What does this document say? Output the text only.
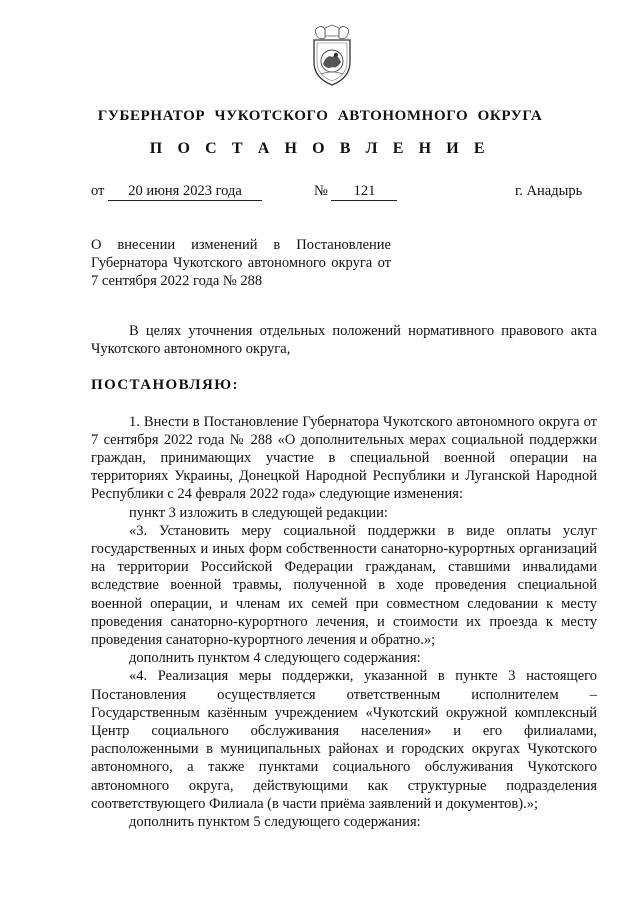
ГУБЕРНАТОР ЧУКОТСКОГО АВТОНОМНОГО ОКРУГА
П О С Т А Н О В Л Е Н И Е
от 20 июня 2023 года	№ 121	г. Анадырь
О внесении изменений в Постановление Губернатора Чукотского автономного округа от 7 сентября 2022 года № 288

В целях уточнения отдельных положений нормативного правового акта Чукотского автономного округа,

ПОСТАНОВЛЯЮ:

1. Внести в Постановление Губернатора Чукотского автономного округа от 7 сентября 2022 года № 288 «О дополнительных мерах социальной поддержки граждан, принимающих участие в специальной военной операции на территориях Украины, Донецкой Народной Республики и Луганской Народной Республики с 24 февраля 2022 года» следующие изменения:

пункт 3 изложить в следующей редакции:

«3. Установить меру социальной поддержки в виде оплаты услуг государственных и иных форм собственности санаторно-курортных организаций на территории Российской Федерации гражданам, ставшими инвалидами вследствие военной травмы, полученной в ходе проведения специальной военной операции, и членам их семей при совместном следовании к месту проведения санаторно-курортного лечения, и стоимости их проезда к месту проведения санаторно-курортного лечения и обратно.»;

дополнить пунктом 4 следующего содержания:

«4. Реализация меры поддержки, указанной в пункте 3 настоящего Постановления осуществляется ответственным исполнителем – Государственным казённым учреждением «Чукотский окружной комплексный Центр социального обслуживания населения» и его филиалами, расположенными в муниципальных районах и городских округах Чукотского автономного, а также пунктами социального обслуживания Чукотского автономного округа, действующими как структурные подразделения соответствующего Филиала (в части приёма заявлений и документов).»;

дополнить пунктом 5 следующего содержания:
